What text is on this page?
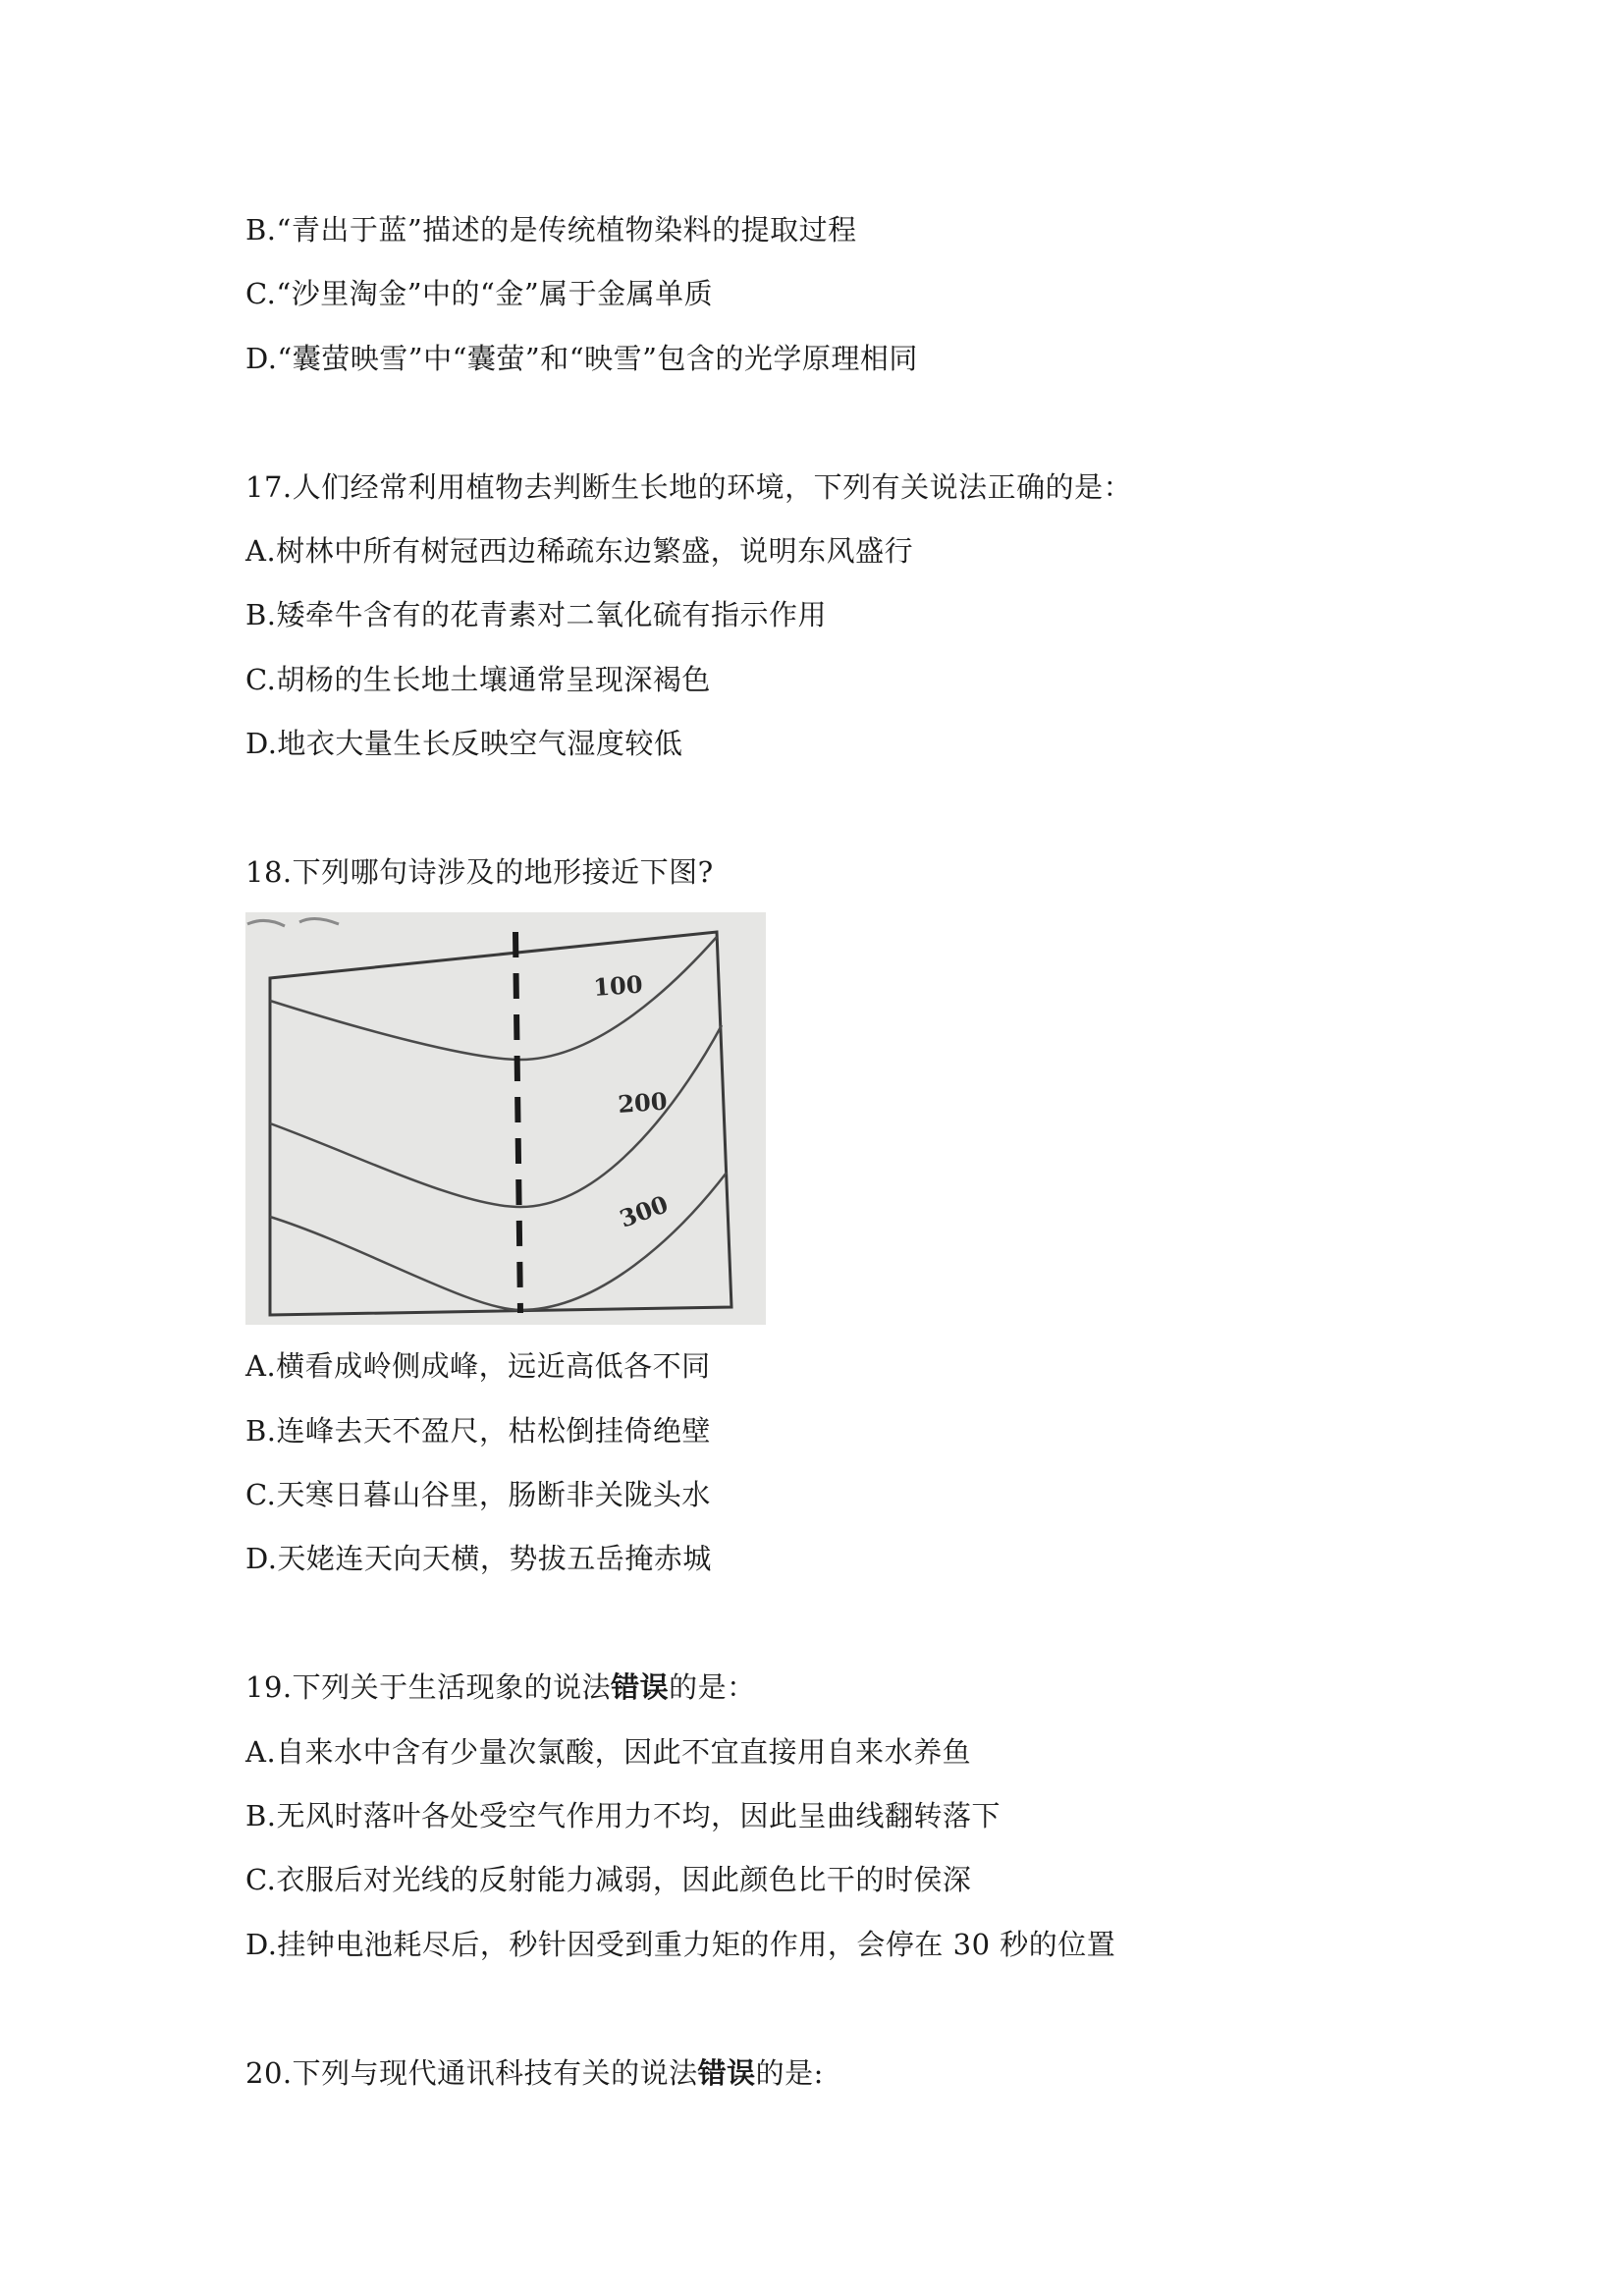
B.“青出于蓝”描述的是传统植物染料的提取过程
C.“沙里淘金”中的“金”属于金属单质
D.“囊萤映雪”中“囊萤”和“映雪”包含的光学原理相同
17.人们经常利用植物去判断生长地的环境，下列有关说法正确的是：
A.树林中所有树冠西边稀疏东边繁盛，说明东风盛行
B.矮牵牛含有的花青素对二氧化硫有指示作用
C.胡杨的生长地土壤通常呈现深褐色
D.地衣大量生长反映空气湿度较低
18.下列哪句诗涉及的地形接近下图?
100
200
300
A.横看成岭侧成峰，远近高低各不同
B.连峰去天不盈尺，枯松倒挂倚绝壁
C.天寒日暮山谷里，肠断非关陇头水
D.天姥连天向天横，势拔五岳掩赤城
19.下列关于生活现象的说法错误的是：
A.自来水中含有少量次氯酸，因此不宜直接用自来水养鱼
B.无风时落叶各处受空气作用力不均，因此呈曲线翻转落下
C.衣服后对光线的反射能力减弱，因此颜色比干的时侯深
D.挂钟电池耗尽后，秒针因受到重力矩的作用，会停在 30 秒的位置
20.下列与现代通讯科技有关的说法错误的是:
